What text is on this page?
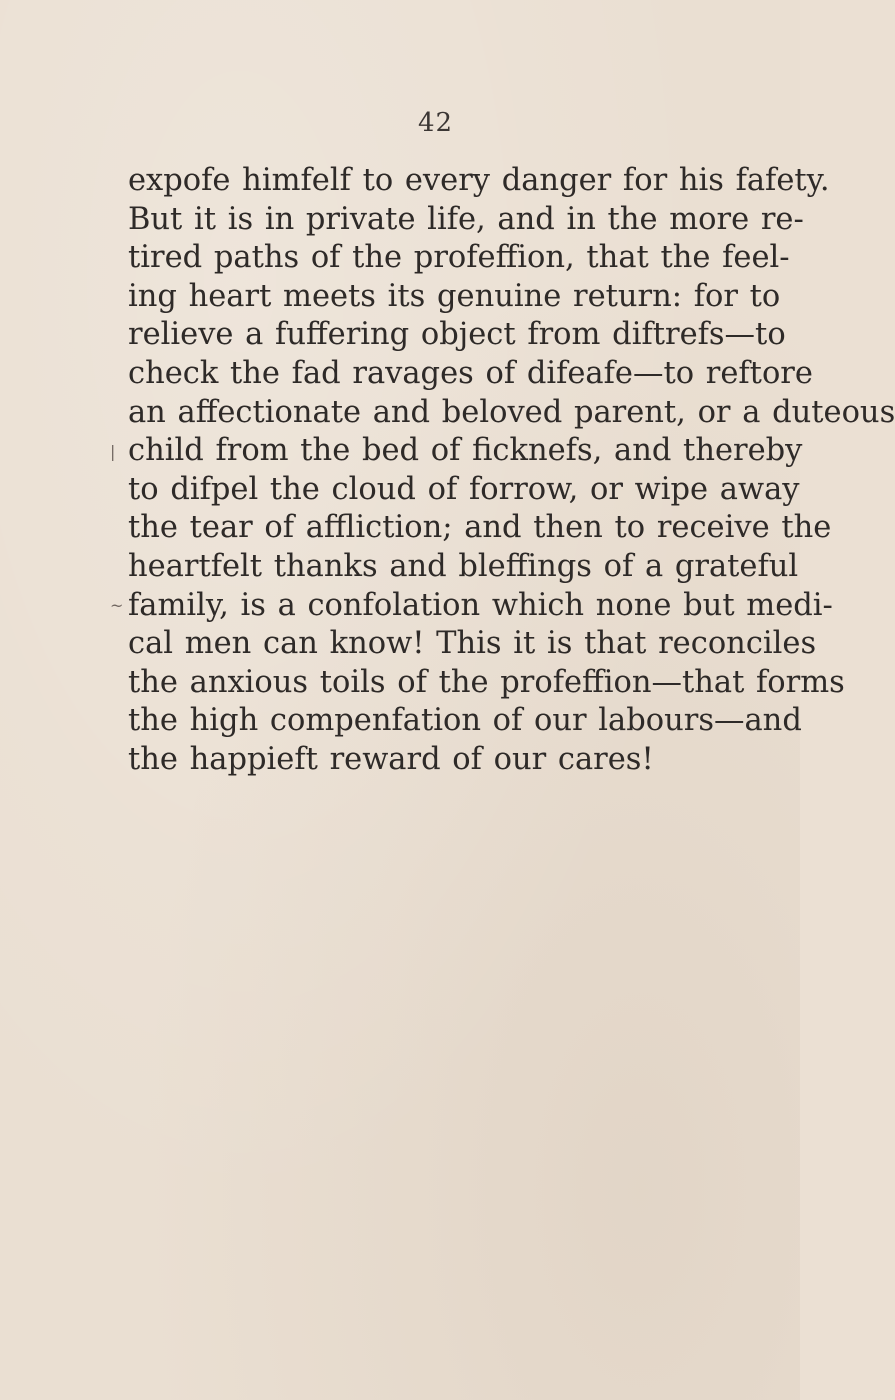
42
expofe himfelf to every danger for his fafety.
But it is in private life, and in the more re-
tired paths of the profeffion, that the feel-
ing heart meets its genuine return: for to
relieve a fuffering object from diftrefs—to
check the fad ravages of difeafe—to reftore
an affectionate and beloved parent, or a duteous
child from the bed of ficknefs, and thereby
to difpel the cloud of forrow, or wipe away
the tear of affliction; and then to receive the
heartfelt thanks and bleffings of a grateful
family, is a confolation which none but medi-
cal men can know! This it is that reconciles
the anxious toils of the profeffion—that forms
the high compenfation of our labours—and
the happieft reward of our cares!
|
~
